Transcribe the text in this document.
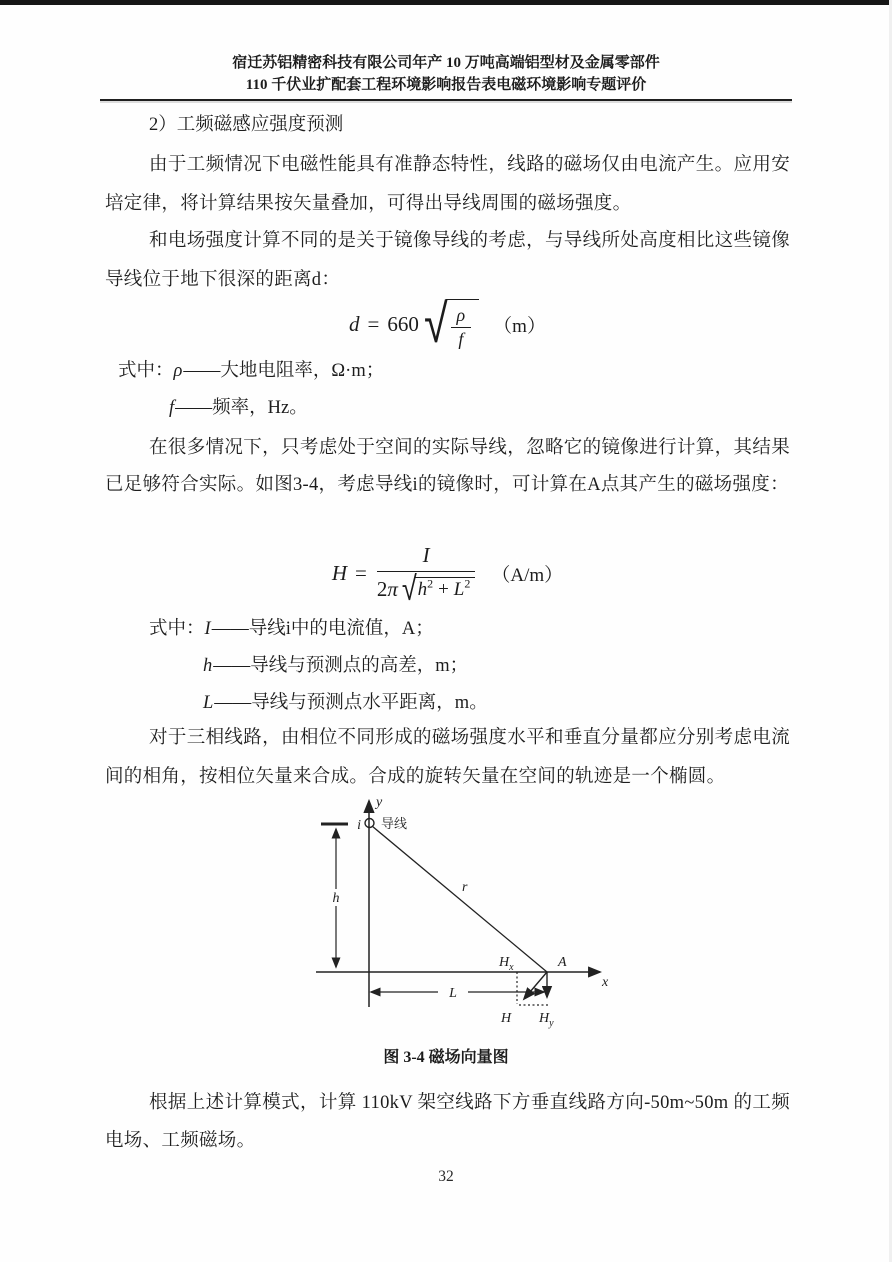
宿迁苏铝精密科技有限公司年产 10 万吨高端铝型材及金属零部件
110 千伏业扩配套工程环境影响报告表电磁环境影响专题评价
2）工频磁感应强度预测

由于工频情况下电磁性能具有准静态特性，线路的磁场仅由电流产生。应用安培定律，将计算结果按矢量叠加，可得出导线周围的磁场强度。

和电场强度计算不同的是关于镜像导线的考虑，与导线所处高度相比这些镜像导线位于地下很深的距离d：

d = 660 √ $\frac{\rho}{f} (m)$
式中：ρ——大地电阻率，Ω·m；
f——频率，Hz。

在很多情况下，只考虑处于空间的实际导线，忽略它的镜像进行计算，其结果已足够符合实际。如图3-4，考虑导线i的镜像时，可计算在A点其产生的磁场强度：

$H = \frac{I}{2 \pi √ h^2 + L^2} (A/m)$
式中：I——导线i中的电流值，A；
h——导线与预测点的高差，m；
L——导线与预测点水平距离，m。

对于三相线路，由相位不同形成的磁场强度水平和垂直分量都应分别考虑电流间的相角，按相位矢量来合成。合成的旋转矢量在空间的轨迹是一个椭圆。

y
x
i 导线
h
r
A
$H_x$
L
H $H_y$
图 3-4 磁场向量图

根据上述计算模式，计算 110kV 架空线路下方垂直线路方向-50m~50m 的工频电场、工频磁场。

32
